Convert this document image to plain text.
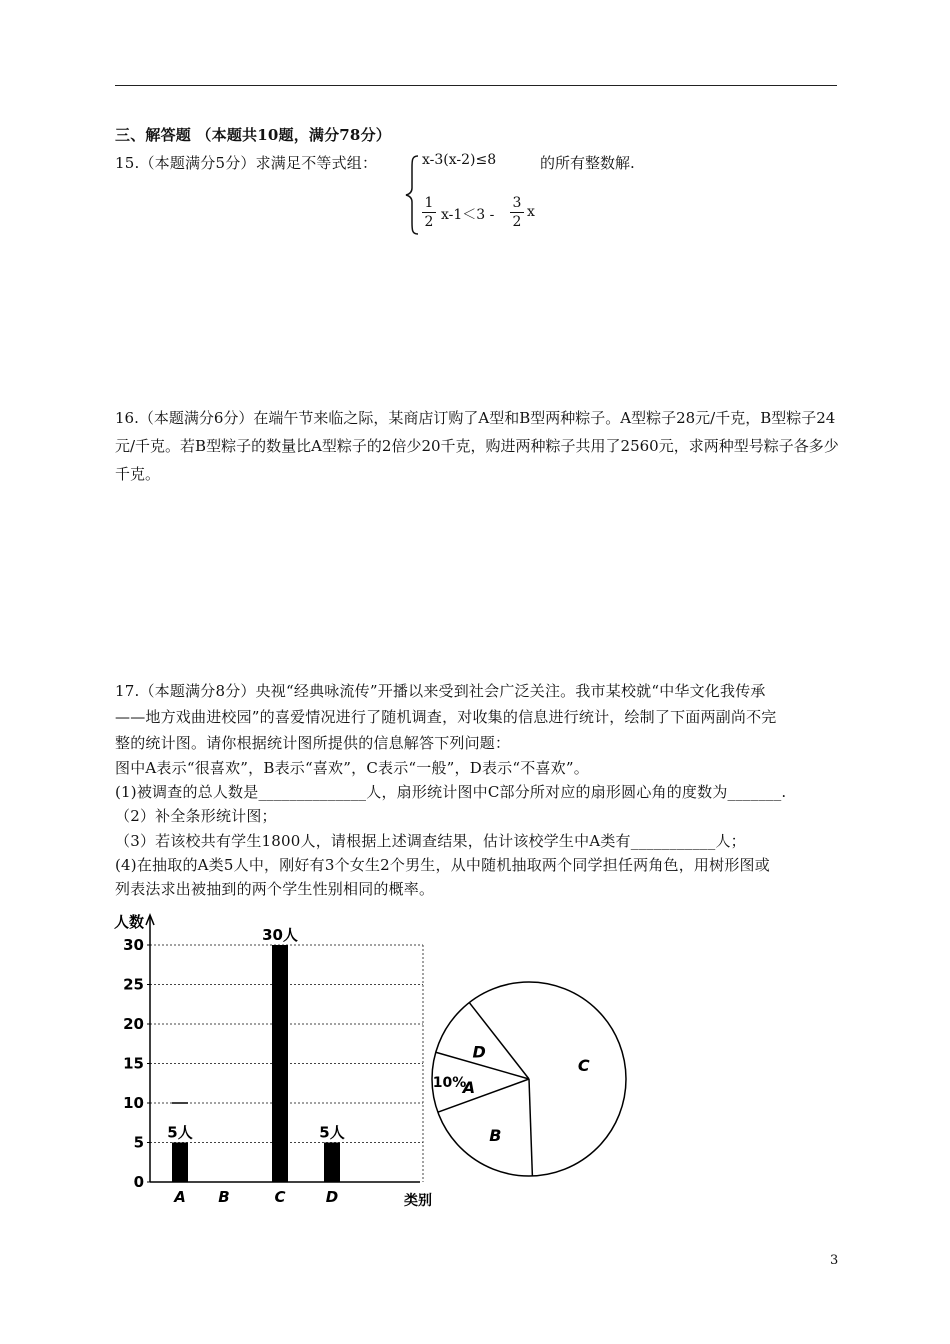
三、解答题 （本题共10题，满分78分）
15.（本题满分5分）求满足不等式组：	x-3(x-2)≤8	的所有整数解.
$\frac{1}{2} x-1<3 - \frac{3}{2}$ x
16.（本题满分6分）在端午节来临之际，某商店订购了A型和B型两种粽子。A型粽子28元/千克，B型粽子24元/千克。若B型粽子的数量比A型粽子的2倍少20千克，购进两种粽子共用了2560元，求两种型号粽子各多少千克。
17.（本题满分8分）央视“经典咏流传”开播以来受到社会广泛关注。我市某校就“中华文化我传承
——地方戏曲进校园”的喜爱情况进行了随机调查，对收集的信息进行统计，绘制了下面两副尚不完
整的统计图。请你根据统计图所提供的信息解答下列问题：
图中A表示“很喜欢”，B表示“喜欢”，C表示“一般”，D表示“不喜欢”。
(1)被调查的总人数是______________人，扇形统计图中C部分所对应的扇形圆心角的度数为_______.
（2）补全条形统计图；
（3）若该校共有学生1800人，请根据上述调查结果，估计该校学生中A类有___________人；
(4)在抽取的A类5人中，刚好有3个女生2个男生，从中随机抽取两个同学担任两角色，用树形图或
列表法求出被抽到的两个学生性别相同的概率。
0
5
10
15
20
25
30
人数
类别
5人
A B
30人
C
5人
D
A
D
C
B
10%
3
